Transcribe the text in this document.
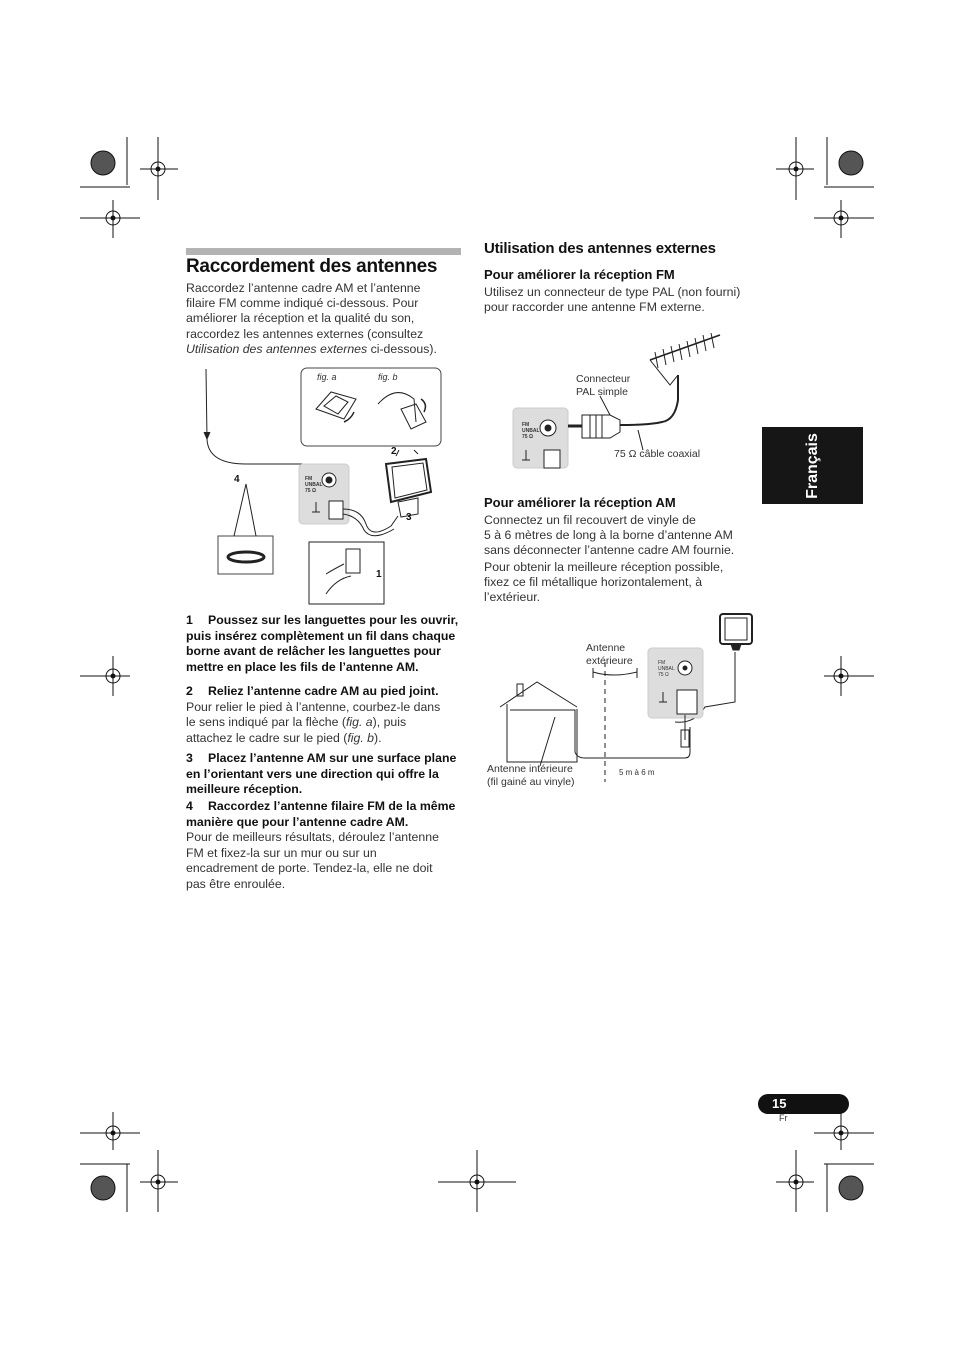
Raccordement des antennes
Raccordez l’antenne cadre AM et l’antenne
filaire FM comme indiqué ci-dessous. Pour
améliorer la réception et la qualité du son,
raccordez les antennes externes (consultez
Utilisation des antennes externes ci-dessous).
fig. a	fig. b
FM UNBAL 75 Ω
2
3
4
1
1 Poussez sur les languettes pour les ouvrir,
puis insérez complètement un fil dans chaque
borne avant de relâcher les languettes pour
mettre en place les fils de l’antenne AM.
2 Reliez l’antenne cadre AM au pied joint.
Pour relier le pied à l’antenne, courbez-le dans
le sens indiqué par la flèche (fig. a), puis
attachez le cadre sur le pied (fig. b).
3 Placez l’antenne AM sur une surface plane
en l’orientant vers une direction qui offre la
meilleure réception.
4 Raccordez l’antenne filaire FM de la même
manière que pour l’antenne cadre AM.
Pour de meilleurs résultats, déroulez l’antenne
FM et fixez-la sur un mur ou sur un
encadrement de porte. Tendez-la, elle ne doit
pas être enroulée.
Utilisation des antennes externes
Pour améliorer la réception FM
Utilisez un connecteur de type PAL (non fourni)
pour raccorder une antenne FM externe.
FM UNBAL 75 Ω
Connecteur
PAL simple
75 Ω câble coaxial
Pour améliorer la réception AM
Connectez un fil recouvert de vinyle de
5 à 6 mètres de long à la borne d’antenne AM
sans déconnecter l’antenne cadre AM fournie.
Pour obtenir la meilleure réception possible,
fixez ce fil métallique horizontalement, à
l’extérieur.
Antenne
extérieure	FM UNBAL 75 Ω
Antenne intérieure
(fil gainé au vinyle)
5 m à 6 m
Français
15
Fr
